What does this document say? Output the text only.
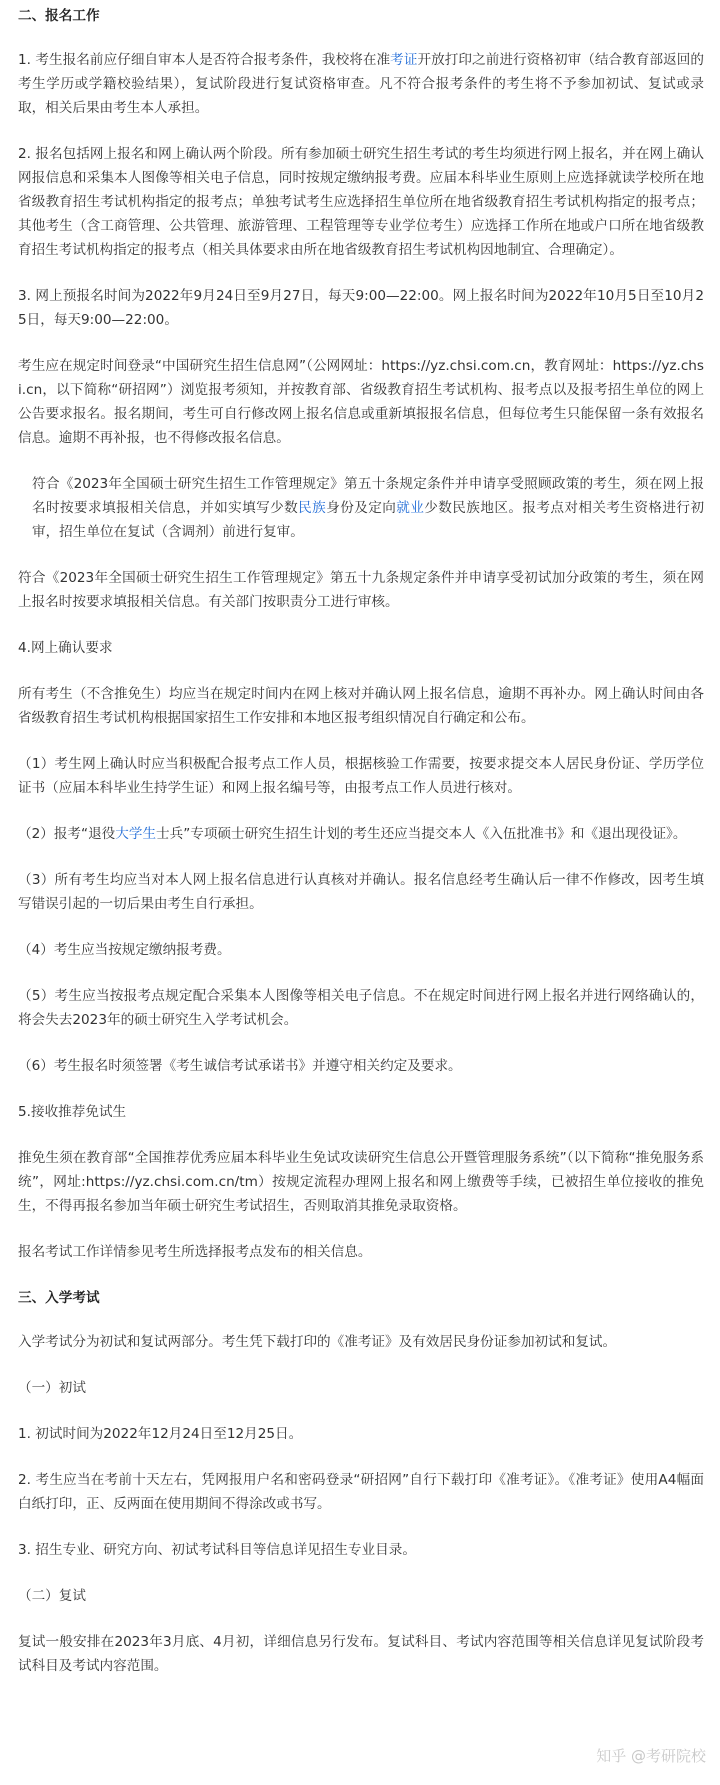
二、报名工作
1. 考生报名前应仔细自审本人是否符合报考条件，我校将在准考证开放打印之前进行资格初审（结合教育部返回的考生学历或学籍校验结果），复试阶段进行复试资格审查。凡不符合报考条件的考生将不予参加初试、复试或录取，相关后果由考生本人承担。
2. 报名包括网上报名和网上确认两个阶段。所有参加硕士研究生招生考试的考生均须进行网上报名，并在网上确认网报信息和采集本人图像等相关电子信息，同时按规定缴纳报考费。应届本科毕业生原则上应选择就读学校所在地省级教育招生考试机构指定的报考点；单独考试考生应选择招生单位所在地省级教育招生考试机构指定的报考点；其他考生（含工商管理、公共管理、旅游管理、工程管理等专业学位考生）应选择工作所在地或户口所在地省级教育招生考试机构指定的报考点（相关具体要求由所在地省级教育招生考试机构因地制宜、合理确定）。
3. 网上预报名时间为2022年9月24日至9月27日，每天9:00—22:00。网上报名时间为2022年10月5日至10月25日，每天9:00—22:00。
考生应在规定时间登录“中国研究生招生信息网”（公网网址：https://yz.chsi.com.cn，教育网址：https://yz.chsi.cn，以下简称“研招网”）浏览报考须知，并按教育部、省级教育招生考试机构、报考点以及报考招生单位的网上公告要求报名。报名期间，考生可自行修改网上报名信息或重新填报报名信息，但每位考生只能保留一条有效报名信息。逾期不再补报，也不得修改报名信息。
符合《2023年全国硕士研究生招生工作管理规定》第五十条规定条件并申请享受照顾政策的考生，须在网上报名时按要求填报相关信息，并如实填写少数民族身份及定向就业少数民族地区。报考点对相关考生资格进行初审，招生单位在复试（含调剂）前进行复审。
符合《2023年全国硕士研究生招生工作管理规定》第五十九条规定条件并申请享受初试加分政策的考生，须在网上报名时按要求填报相关信息。有关部门按职责分工进行审核。
4.网上确认要求
所有考生（不含推免生）均应当在规定时间内在网上核对并确认网上报名信息，逾期不再补办。网上确认时间由各省级教育招生考试机构根据国家招生工作安排和本地区报考组织情况自行确定和公布。
（1）考生网上确认时应当积极配合报考点工作人员，根据核验工作需要，按要求提交本人居民身份证、学历学位证书（应届本科毕业生持学生证）和网上报名编号等，由报考点工作人员进行核对。
（2）报考“退役大学生士兵”专项硕士研究生招生计划的考生还应当提交本人《入伍批准书》和《退出现役证》。
（3）所有考生均应当对本人网上报名信息进行认真核对并确认。报名信息经考生确认后一律不作修改，因考生填写错误引起的一切后果由考生自行承担。
（4）考生应当按规定缴纳报考费。
（5）考生应当按报考点规定配合采集本人图像等相关电子信息。不在规定时间进行网上报名并进行网络确认的，将会失去2023年的硕士研究生入学考试机会。
（6）考生报名时须签署《考生诚信考试承诺书》并遵守相关约定及要求。
5.接收推荐免试生
推免生须在教育部“全国推荐优秀应届本科毕业生免试攻读研究生信息公开暨管理服务系统”（以下简称“推免服务系统”，网址:https://yz.chsi.com.cn/tm）按规定流程办理网上报名和网上缴费等手续，已被招生单位接收的推免生，不得再报名参加当年硕士研究生考试招生，否则取消其推免录取资格。
报名考试工作详情参见考生所选择报考点发布的相关信息。
三、入学考试
入学考试分为初试和复试两部分。考生凭下载打印的《准考证》及有效居民身份证参加初试和复试。
（一）初试
1. 初试时间为2022年12月24日至12月25日。
2. 考生应当在考前十天左右，凭网报用户名和密码登录“研招网”自行下载打印《准考证》。《准考证》使用A4幅面白纸打印，正、反两面在使用期间不得涂改或书写。
3. 招生专业、研究方向、初试考试科目等信息详见招生专业目录。
（二）复试
复试一般安排在2023年3月底、4月初，详细信息另行发布。复试科目、考试内容范围等相关信息详见复试阶段考试科目及考试内容范围。
知乎 @考研院校
